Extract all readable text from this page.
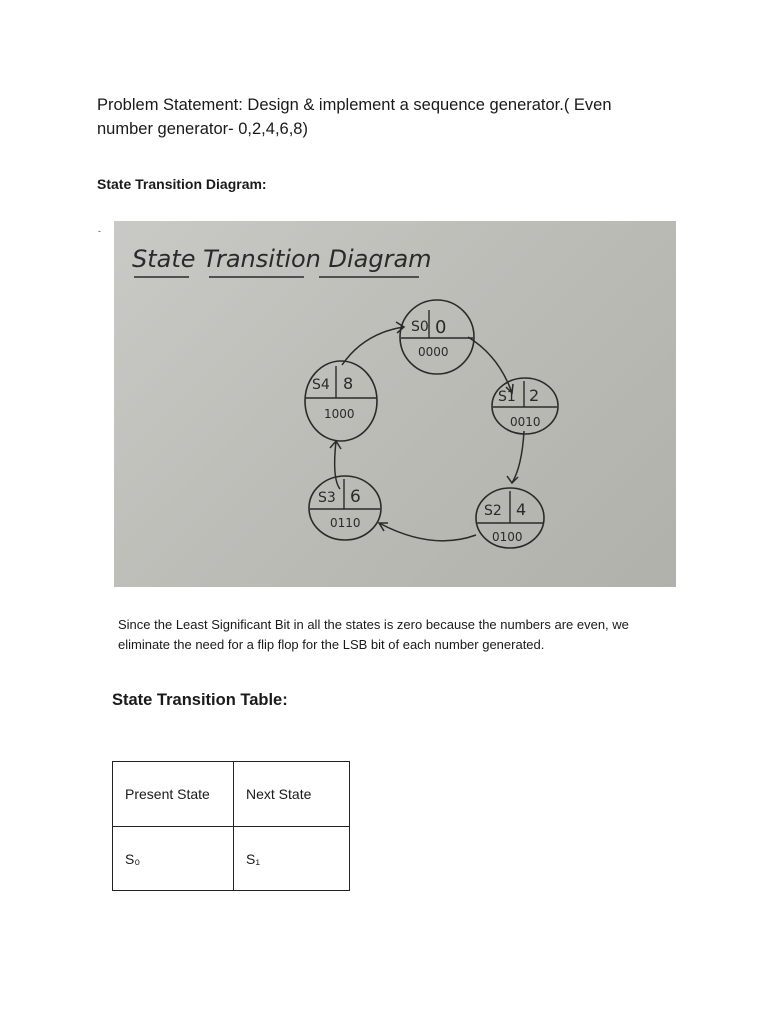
Problem Statement: Design & implement a sequence generator.( Even number generator- 0,2,4,6,8)

State Transition Diagram:
-
State Transition Diagram
S0 0
0000
S1 2
0010
S2 4
0100
S3 6
0110
S4 8
1000

Since the Least Significant Bit in all the states is zero because the numbers are even, we eliminate the need for a flip flop for the LSB bit of each number generated.

State Transition Table:
Present State	Next State
S₀	S₁
